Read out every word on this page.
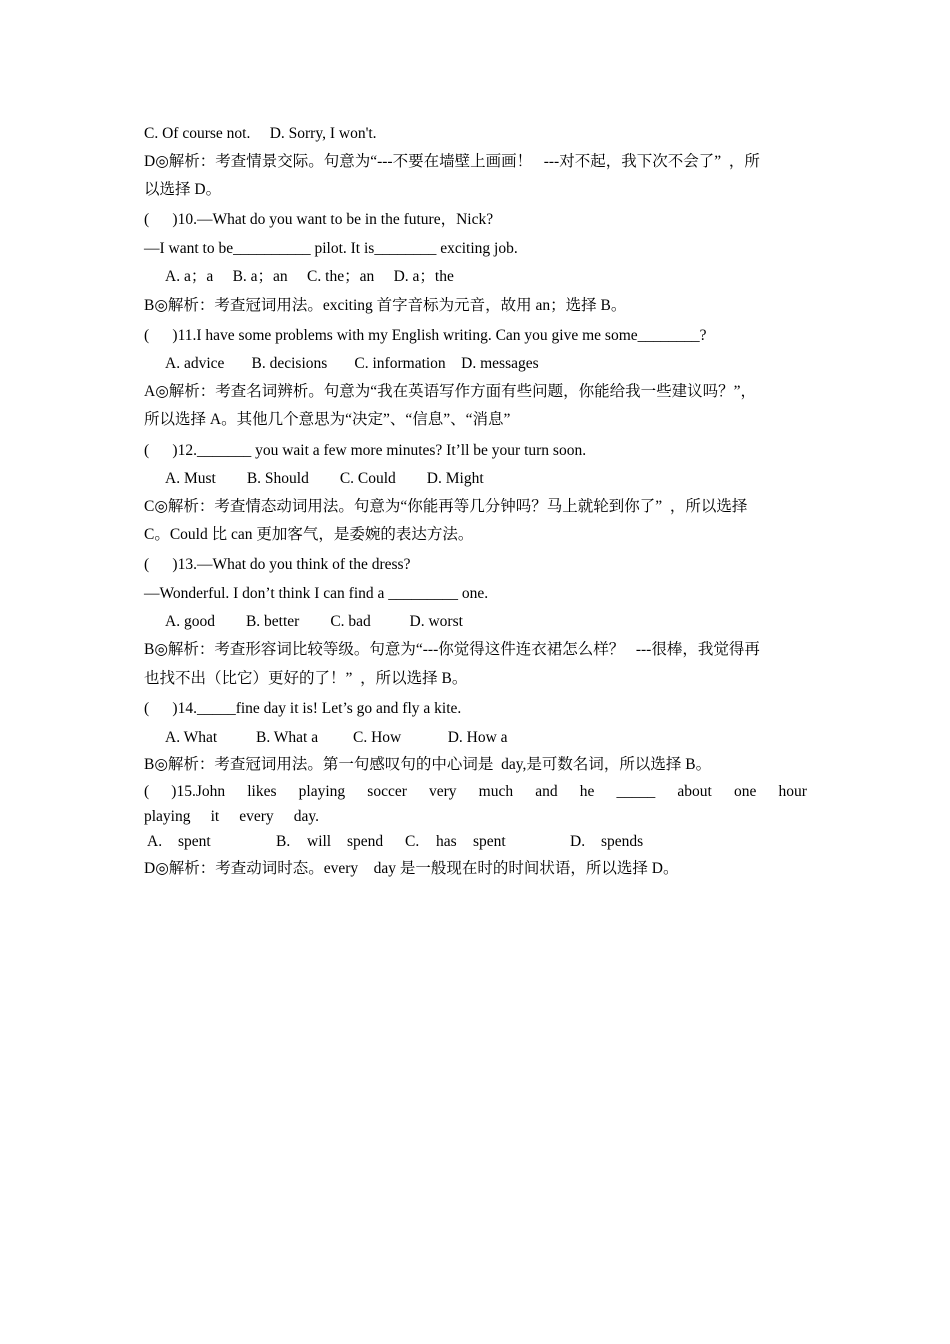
C. Of course not.     D. Sorry, I won't.

D◎解析：考查情景交际。句意为“---不要在墙壁上画画！   ---对不起，我下次不会了”  ，所

以选择 D。

(      )10.—What do you want to be in the future，Nick?

—I want to be__________ pilot. It is________ exciting job.

A. a；a     B. a；an     C. the；an     D. a；the

B◎解析：考查冠词用法。exciting 首字音标为元音，故用 an；选择 B。

(      )11.I have some problems with my English writing. Can you give me some________?

A. advice       B. decisions       C. information    D. messages

A◎解析：考查名词辨析。句意为“我在英语写作方面有些问题，你能给我一些建议吗？”，

所以选择 A。其他几个意思为“决定”、“信息”、“消息”

(      )12._______ you wait a few more minutes? It’ll be your turn soon.

A. Must        B. Should        C. Could        D. Might

C◎解析：考查情态动词用法。句意为“你能再等几分钟吗？马上就轮到你了”  ，所以选择

C。Could 比 can 更加客气，是委婉的表达方法。

(      )13.—What do you think of the dress?

—Wonderful. I don’t think I can find a _________ one.

A. good        B. better        C. bad          D. worst

B◎解析：考查形容词比较等级。句意为“---你觉得这件连衣裙怎么样？   ---很棒，我觉得再

也找不出（比它）更好的了！”  ，所以选择 B。

(      )14._____fine day it is! Let’s go and fly a kite.

A. What          B. What a         C. How            D. How a

B◎解析：考查冠词用法。第一句感叹句的中心词是  day,是可数名词，所以选择 B。

( )15.John likes playing soccer very much and he _____ about one hour
playing it every day.
A. spent	B. will spend C. has spent	D. spends

D◎解析：考查动词时态。every    day 是一般现在时的时间状语，所以选择 D。
